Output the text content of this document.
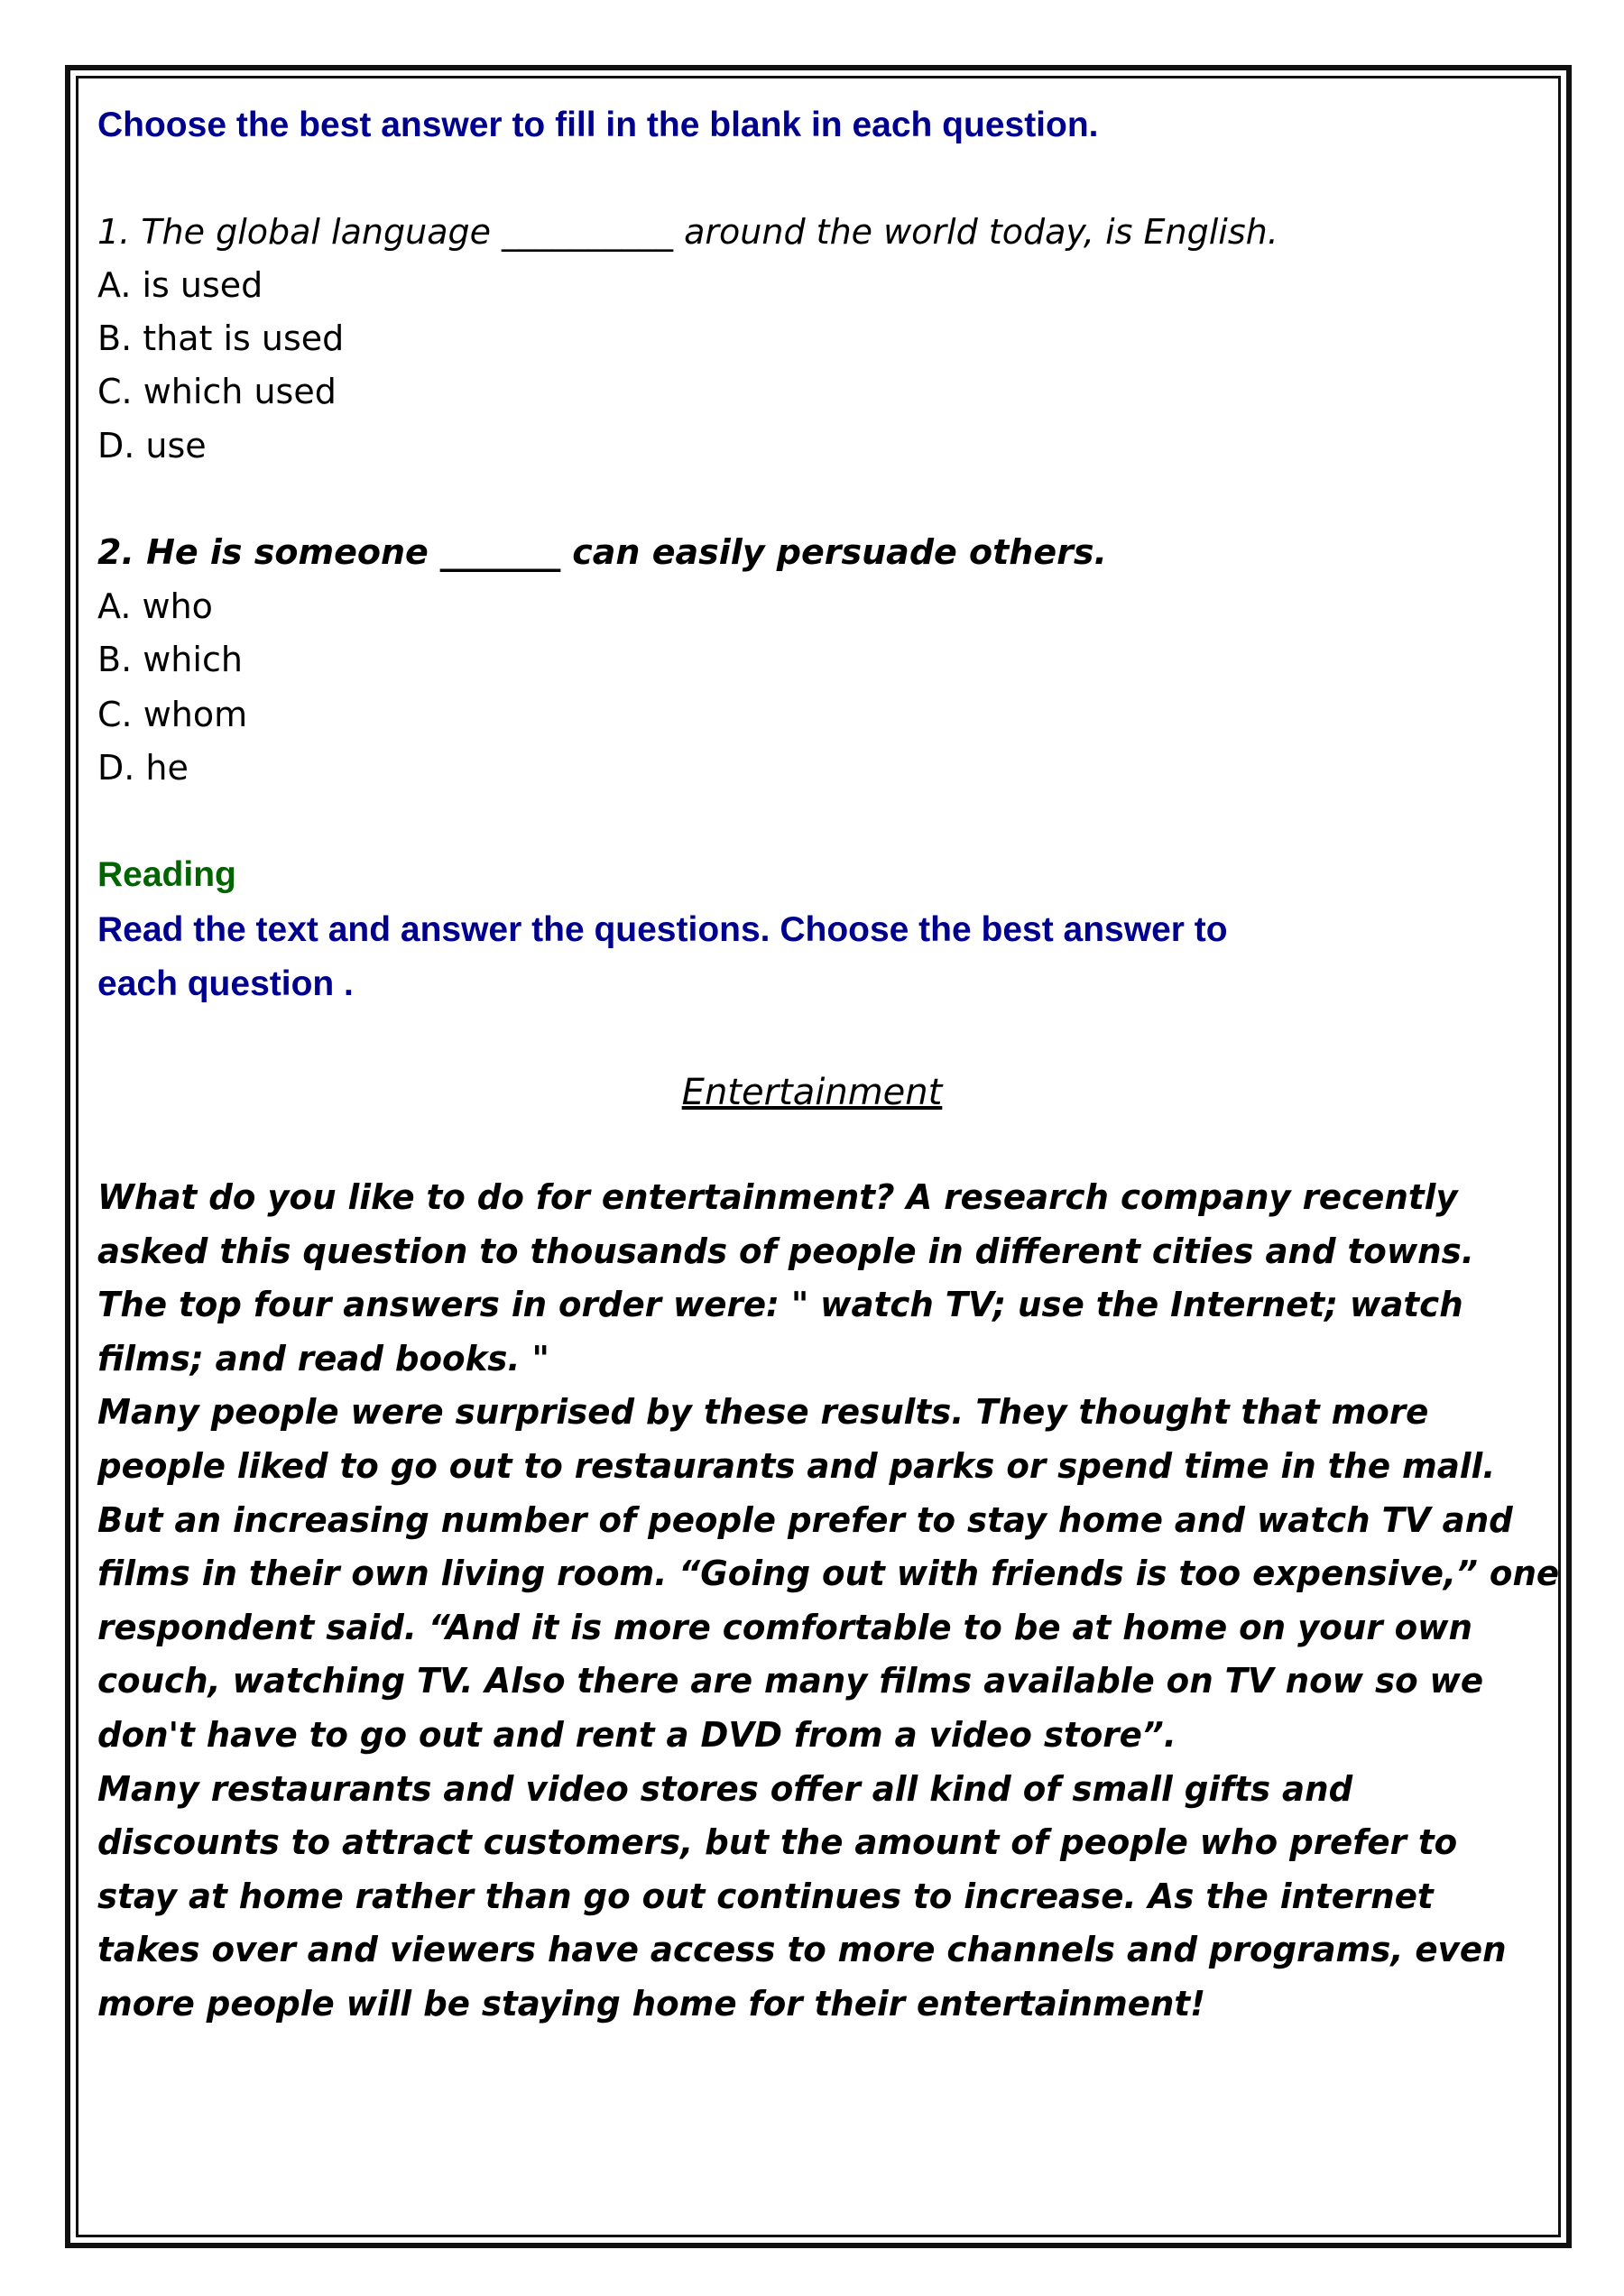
Choose the best answer to fill in the blank in each question.
1. The global language __________ around the world today, is English.
A. is used
B. that is used
C. which used
D. use
2. He is someone _______ can easily persuade others.
A. who
B. which
C. whom
D. he
Reading
Read the text and answer the questions. Choose the best answer to
each question .
Entertainment
What do you like to do for entertainment? A research company recently
asked this question to thousands of people in different cities and towns.
The top four answers in order were: " watch TV; use the Internet; watch
films; and read books. "
Many people were surprised by these results. They thought that more
people liked to go out to restaurants and parks or spend time in the mall.
But an increasing number of people prefer to stay home and watch TV and
films in their own living room. “Going out with friends is too expensive,” one
respondent said. “And it is more comfortable to be at home on your own
couch, watching TV. Also there are many films available on TV now so we
don't have to go out and rent a DVD from a video store”.
Many restaurants and video stores offer all kind of small gifts and
discounts to attract customers, but the amount of people who prefer to
stay at home rather than go out continues to increase. As the internet
takes over and viewers have access to more channels and programs, even
more people will be staying home for their entertainment!
